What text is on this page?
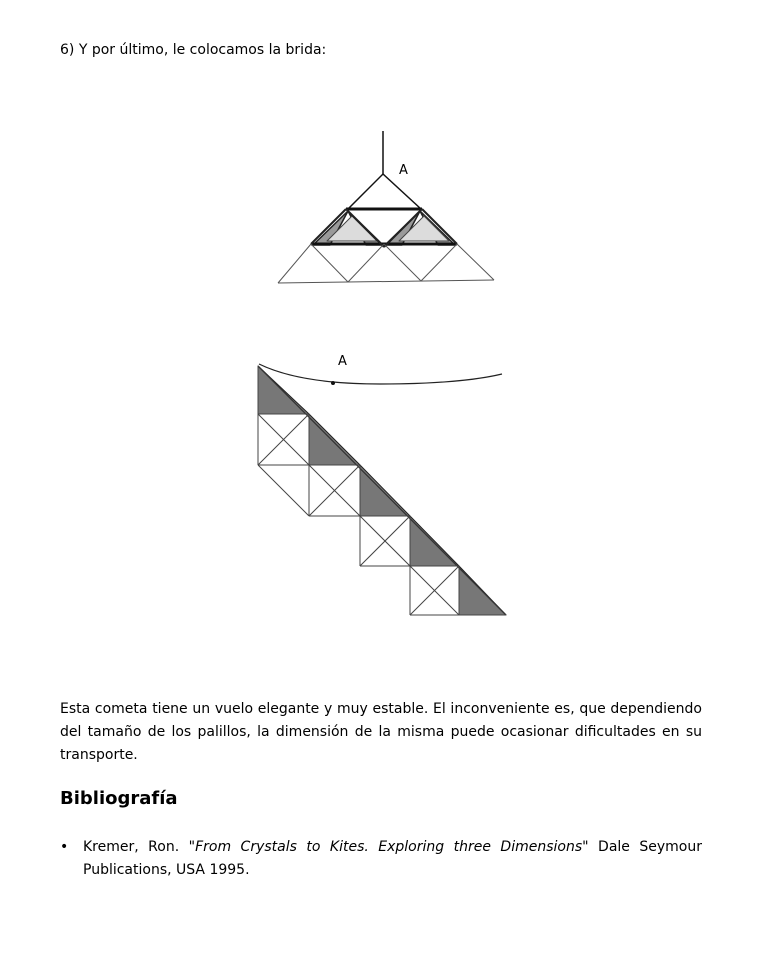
6) Y por último, le colocamos la brida:

A
A

Esta cometa tiene un vuelo elegante y muy estable. El inconveniente es, que dependiendo del tamaño de los palillos, la dimensión de la misma puede ocasionar dificultades en su transporte.

Bibliografía
•	Kremer, Ron. "From Crystals to Kites. Exploring three Dimensions" Dale Seymour Publications, USA 1995.
